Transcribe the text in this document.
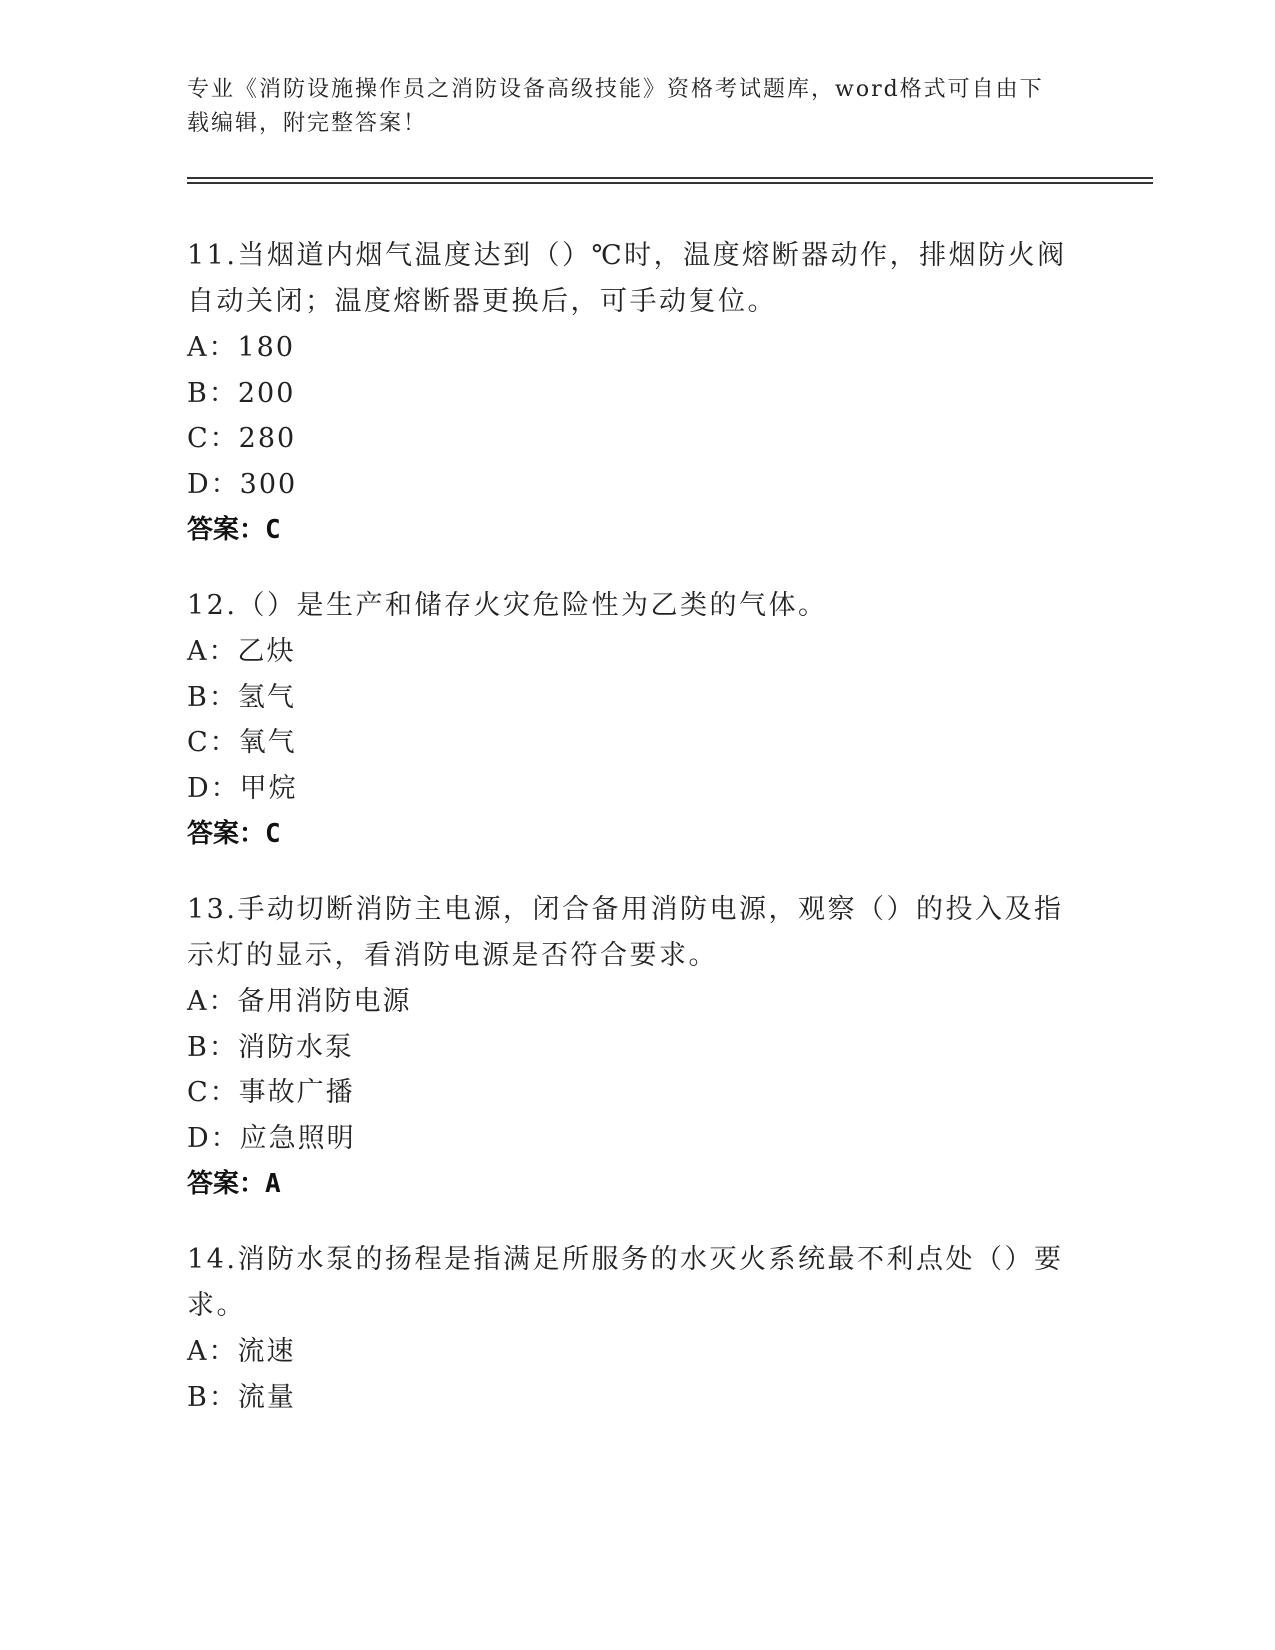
专业《消防设施操作员之消防设备高级技能》资格考试题库，word格式可自由下载编辑，附完整答案！

11.当烟道内烟气温度达到（）℃时，温度熔断器动作，排烟防火阀自动关闭；温度熔断器更换后，可手动复位。

A：180

B：200

C：280

D：300

答案：C

12.（）是生产和储存火灾危险性为乙类的气体。

A：乙炔

B：氢气

C：氧气

D：甲烷

答案：C

13.手动切断消防主电源，闭合备用消防电源，观察（）的投入及指示灯的显示，看消防电源是否符合要求。

A：备用消防电源

B：消防水泵

C：事故广播

D：应急照明

答案：A

14.消防水泵的扬程是指满足所服务的水灭火系统最不利点处（）要求。

A：流速

B：流量
